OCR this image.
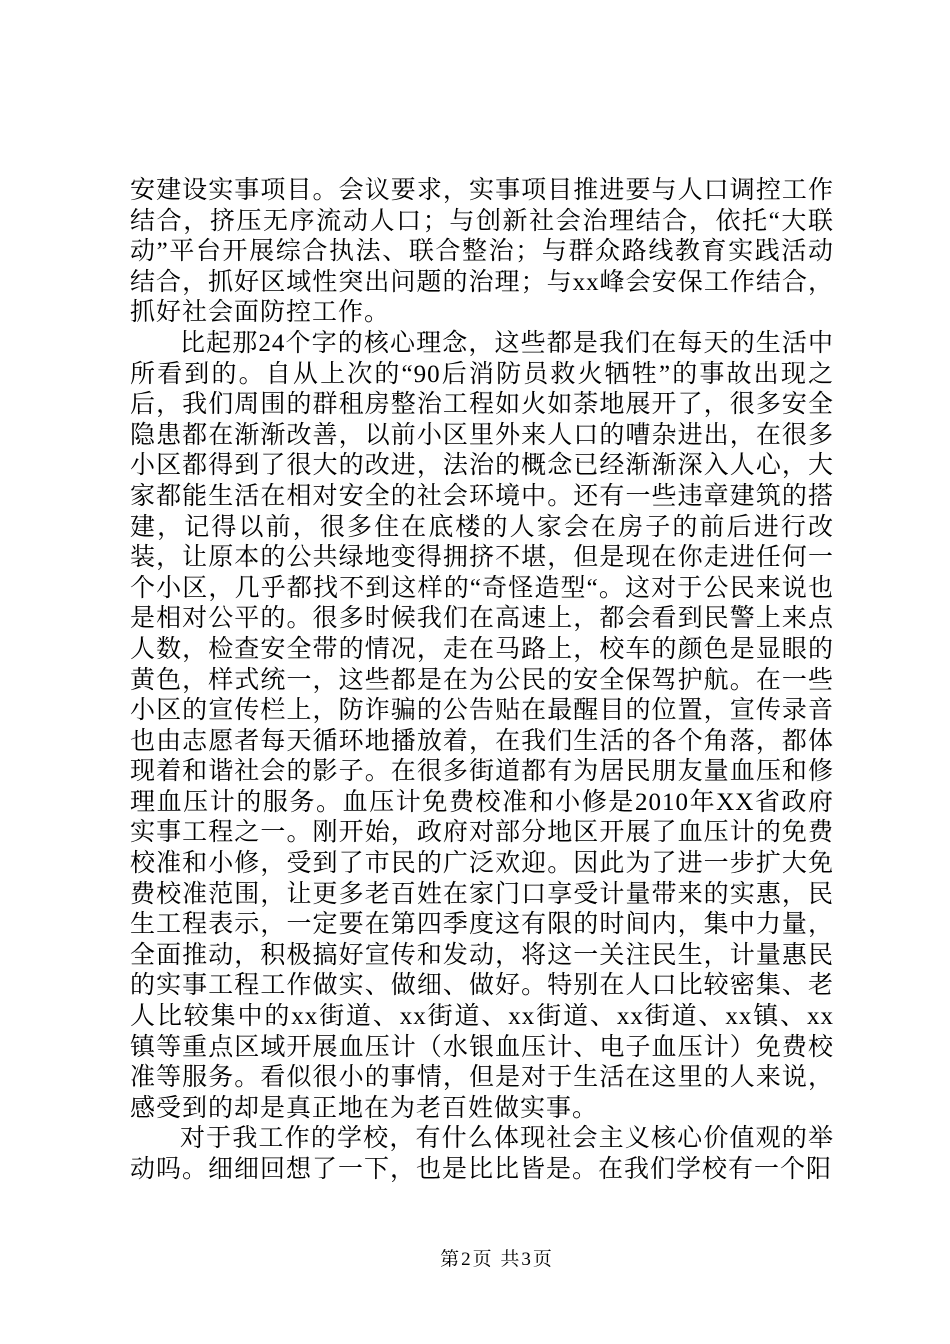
安建设实事项目。会议要求，实事项目推进要与人口调控工作结合，挤压无序流动人口；与创新社会治理结合，依托“大联动”平台开展综合执法、联合整治；与群众路线教育实践活动结合，抓好区域性突出问题的治理；与xx峰会安保工作结合，抓好社会面防控工作。

比起那24个字的核心理念，这些都是我们在每天的生活中所看到的。自从上次的“90后消防员救火牺牲”的事故出现之后，我们周围的群租房整治工程如火如荼地展开了，很多安全隐患都在渐渐改善，以前小区里外来人口的嘈杂进出，在很多小区都得到了很大的改进，法治的概念已经渐渐深入人心，大家都能生活在相对安全的社会环境中。还有一些违章建筑的搭建，记得以前，很多住在底楼的人家会在房子的前后进行改装，让原本的公共绿地变得拥挤不堪，但是现在你走进任何一个小区，几乎都找不到这样的“奇怪造型“。这对于公民来说也是相对公平的。很多时候我们在高速上，都会看到民警上来点人数，检查安全带的情况，走在马路上，校车的颜色是显眼的黄色，样式统一，这些都是在为公民的安全保驾护航。在一些小区的宣传栏上，防诈骗的公告贴在最醒目的位置，宣传录音也由志愿者每天循环地播放着，在我们生活的各个角落，都体现着和谐社会的影子。在很多街道都有为居民朋友量血压和修理血压计的服务。血压计免费校准和小修是2010年XX省政府实事工程之一。刚开始，政府对部分地区开展了血压计的免费校准和小修，受到了市民的广泛欢迎。因此为了进一步扩大免费校准范围，让更多老百姓在家门口享受计量带来的实惠，民生工程表示，一定要在第四季度这有限的时间内，集中力量，全面推动，积极搞好宣传和发动，将这一关注民生，计量惠民的实事工程工作做实、做细、做好。特别在人口比较密集、老人比较集中的xx街道、xx街道、xx街道、xx街道、xx镇、xx镇等重点区域开展血压计（水银血压计、电子血压计）免费校准等服务。看似很小的事情，但是对于生活在这里的人来说，感受到的却是真正地在为老百姓做实事。

对于我工作的学校，有什么体现社会主义核心价值观的举动吗。细细回想了一下，也是比比皆是。在我们学校有一个阳

第2页 共3页
